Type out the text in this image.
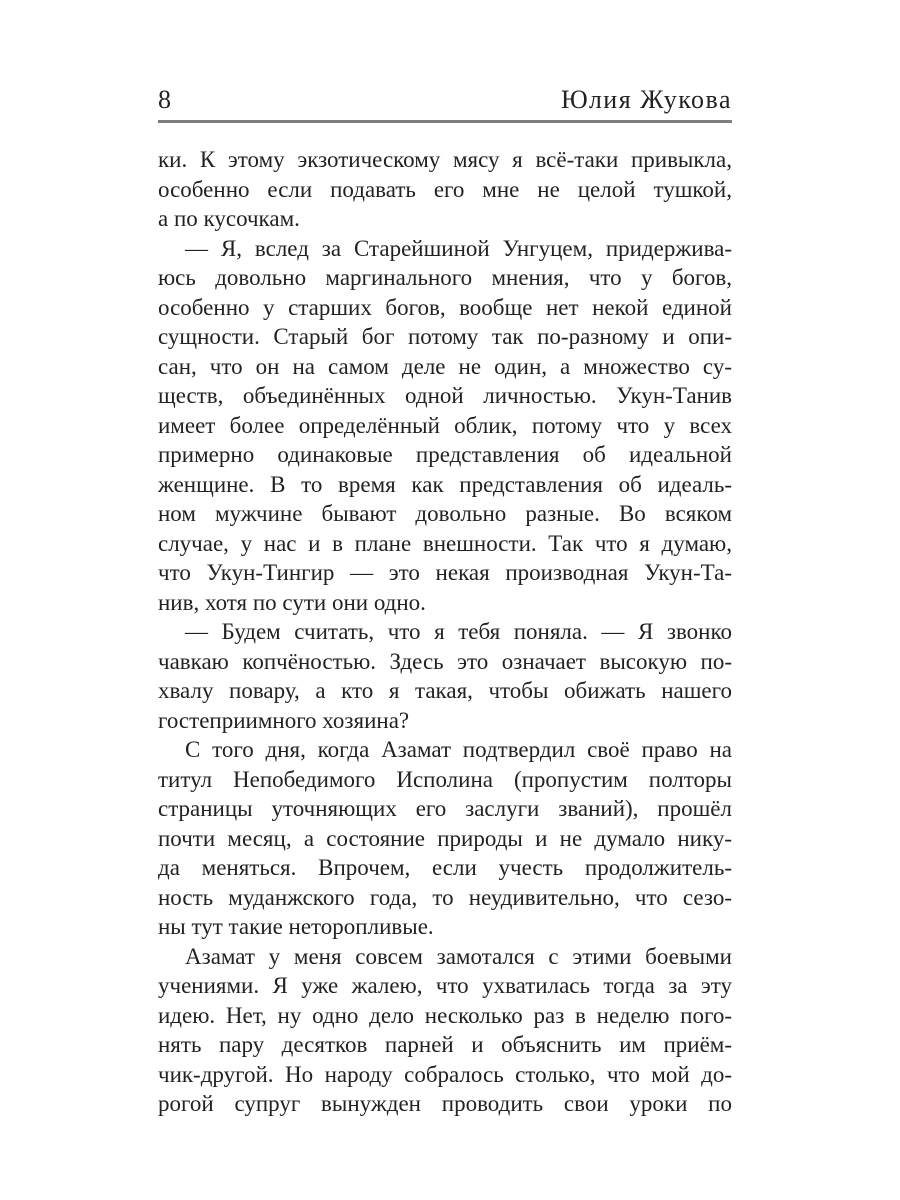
8	Юлия Жукова
ки. К этому экзотическому мясу я всё-таки привыкла,
особенно если подавать его мне не целой тушкой,
а по кусочкам.
— Я, вслед за Старейшиной Унгуцем, придержива-
юсь довольно маргинального мнения, что у богов,
особенно у старших богов, вообще нет некой единой
сущности. Старый бог потому так по-разному и опи-
сан, что он на самом деле не один, а множество су-
ществ, объединённых одной личностью. Укун-Танив
имеет более определённый облик, потому что у всех
примерно одинаковые представления об идеальной
женщине. В то время как представления об идеаль-
ном мужчине бывают довольно разные. Во всяком
случае, у нас и в плане внешности. Так что я думаю,
что Укун-Тингир — это некая производная Укун-Та-
нив, хотя по сути они одно.
— Будем считать, что я тебя поняла. — Я звонко
чавкаю копчёностью. Здесь это означает высокую по-
хвалу повару, а кто я такая, чтобы обижать нашего
гостеприимного хозяина?
С того дня, когда Азамат подтвердил своё право на
титул Непобедимого Исполина (пропустим полторы
страницы уточняющих его заслуги званий), прошёл
почти месяц, а состояние природы и не думало нику-
да меняться. Впрочем, если учесть продолжитель-
ность муданжского года, то неудивительно, что сезо-
ны тут такие неторопливые.
Азамат у меня совсем замотался с этими боевыми
учениями. Я уже жалею, что ухватилась тогда за эту
идею. Нет, ну одно дело несколько раз в неделю пого-
нять пару десятков парней и объяснить им приём-
чик-другой. Но народу собралось столько, что мой до-
рогой супруг вынужден проводить свои уроки по
